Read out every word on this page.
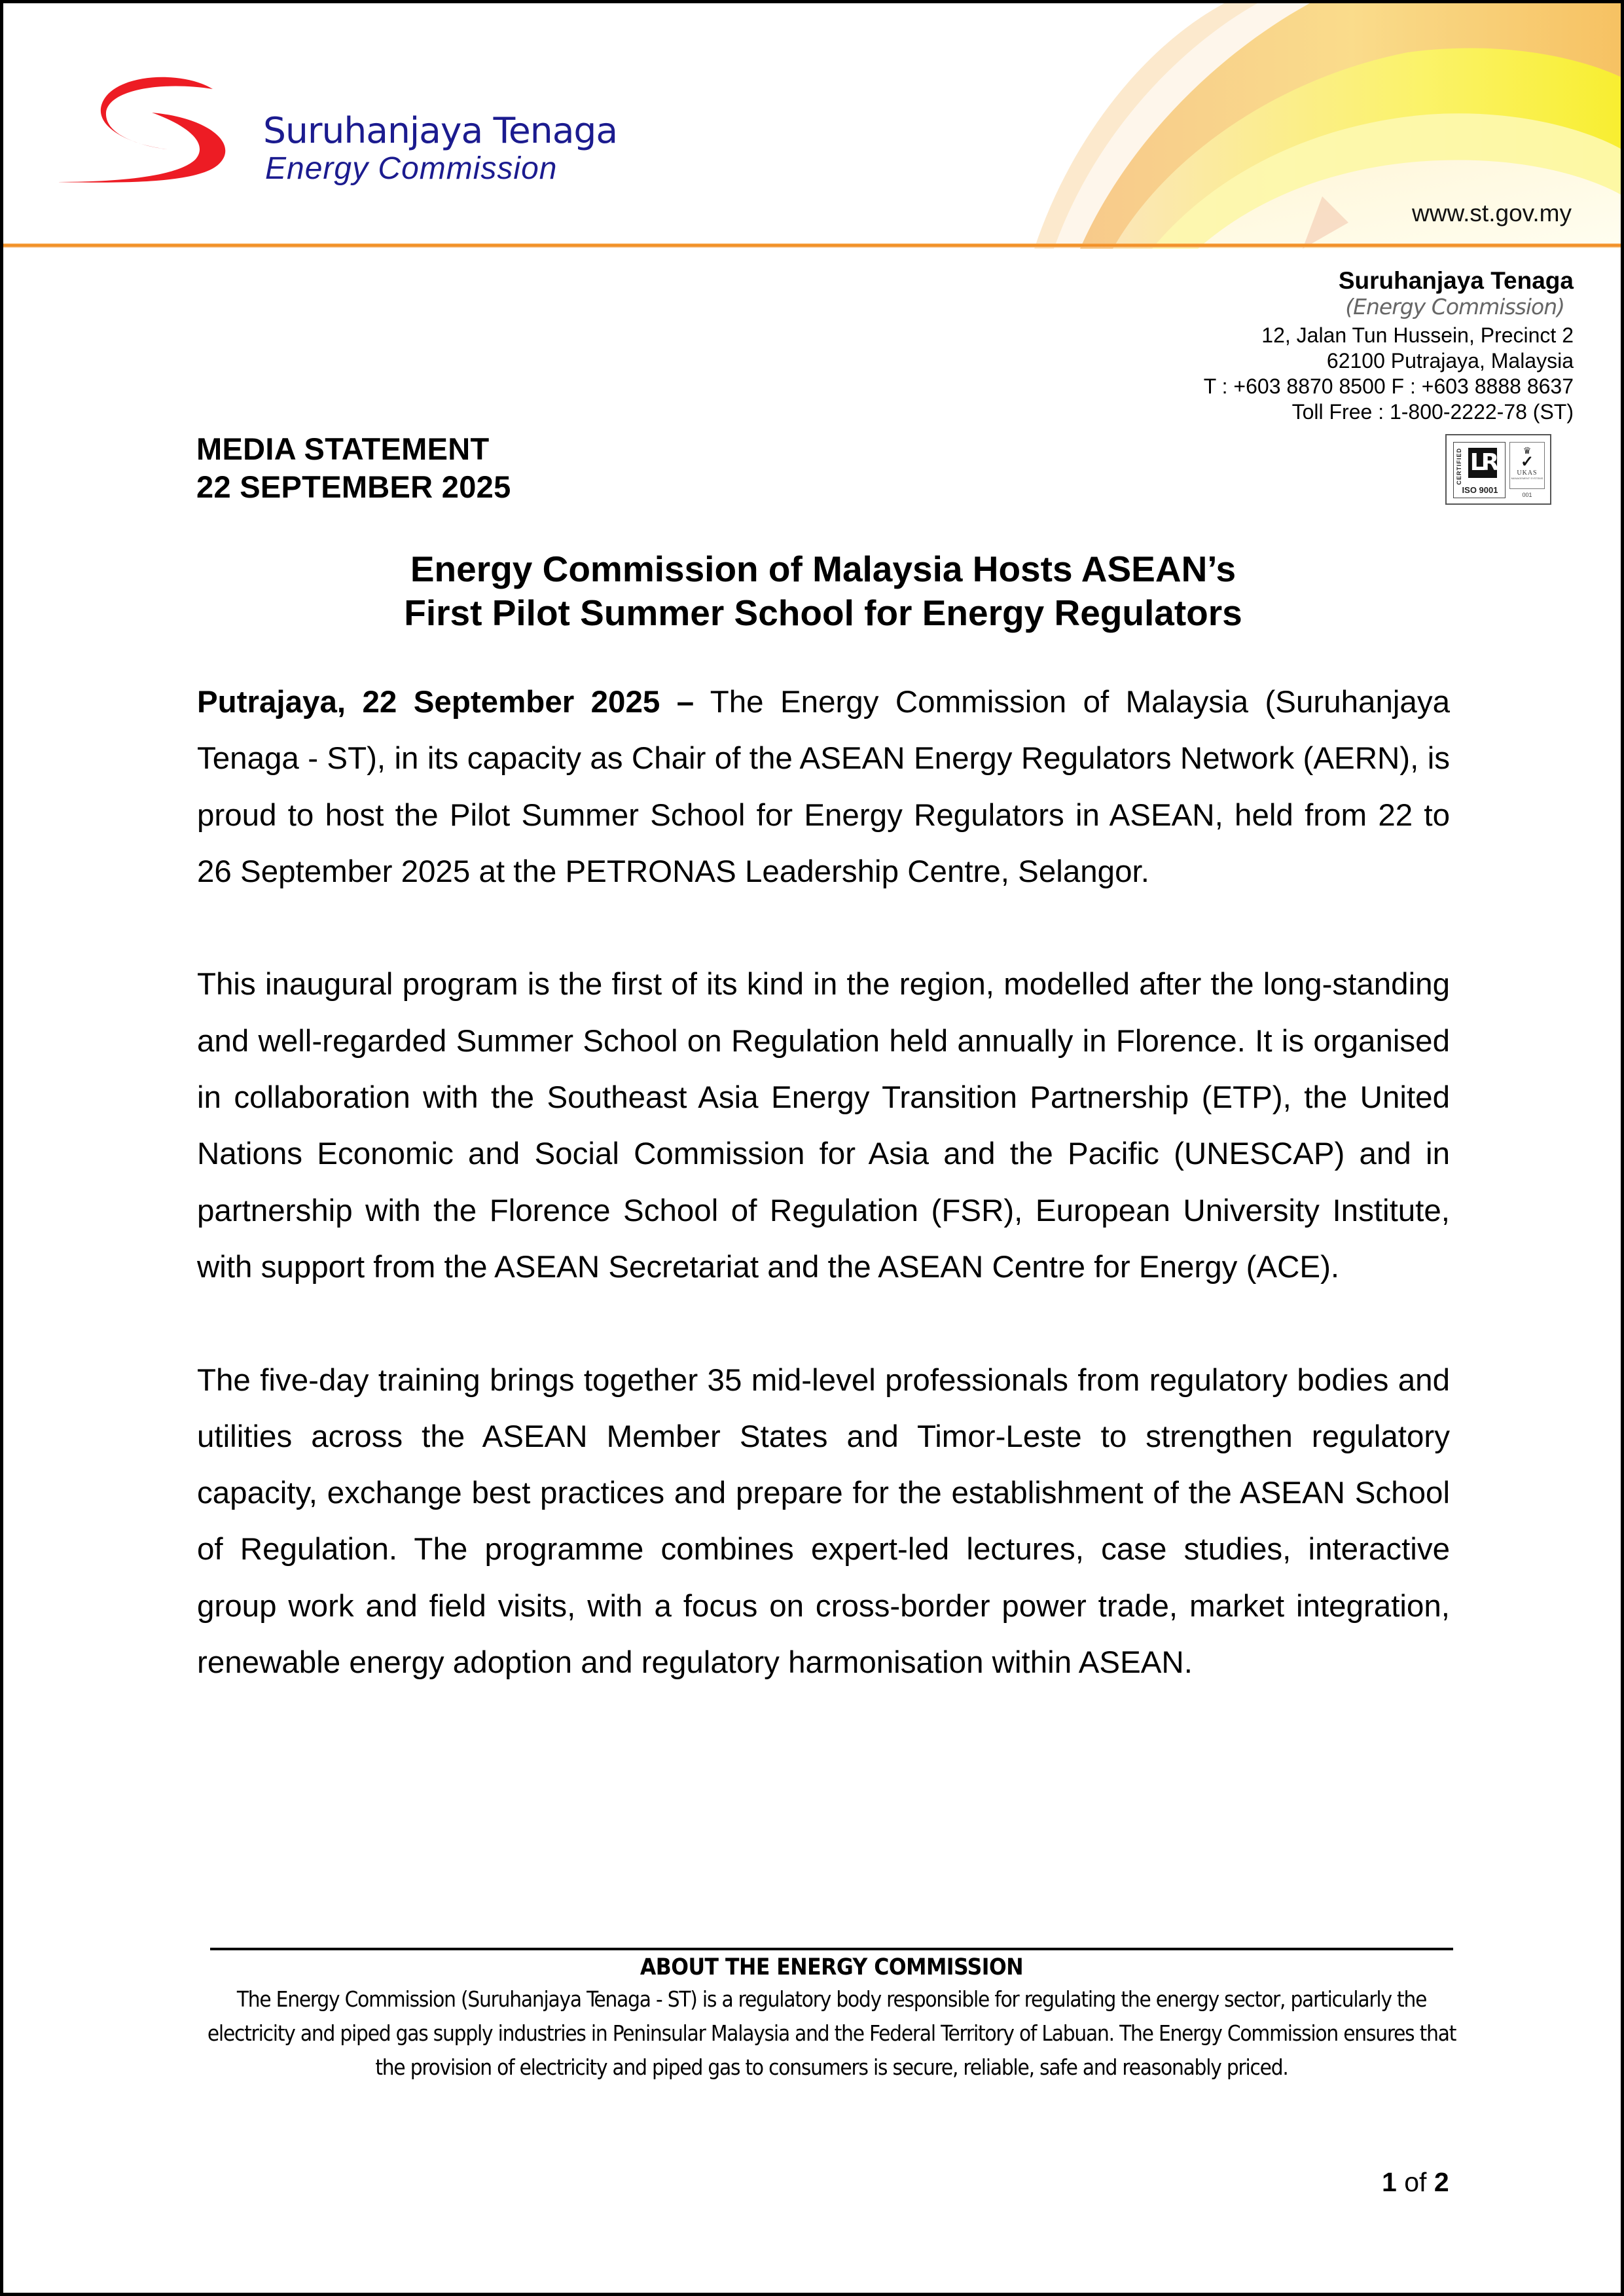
Suruhanjaya Tenaga
Energy Commission
www.st.gov.my
Suruhanjaya Tenaga
(Energy Commission)
12, Jalan Tun Hussein, Precinct 2
62100 Putrajaya, Malaysia
T : +603 8870 8500 F : +603 8888 8637
Toll Free : 1-800-2222-78 (ST)
CERTIFIED LR
ISO 9001
♛
✓
UKAS
MANAGEMENT SYSTEMS
001
MEDIA STATEMENT
22 SEPTEMBER 2025
Energy Commission of Malaysia Hosts ASEAN’s
First Pilot Summer School for Energy Regulators

Putrajaya, 22 September 2025 – The Energy Commission of Malaysia (Suruhanjaya Tenaga - ST), in its capacity as Chair of the ASEAN Energy Regulators Network (AERN), is proud to host the Pilot Summer School for Energy Regulators in ASEAN, held from 22 to 26 September 2025 at the PETRONAS Leadership Centre, Selangor.

This inaugural program is the first of its kind in the region, modelled after the long-standing and well-regarded Summer School on Regulation held annually in Florence. It is organised in collaboration with the Southeast Asia Energy Transition Partnership (ETP), the United Nations Economic and Social Commission for Asia and the Pacific (UNESCAP) and in partnership with the Florence School of Regulation (FSR), European University Institute, with support from the ASEAN Secretariat and the ASEAN Centre for Energy (ACE).

The five-day training brings together 35 mid-level professionals from regulatory bodies and utilities across the ASEAN Member States and Timor-Leste to strengthen regulatory capacity, exchange best practices and prepare for the establishment of the ASEAN School of Regulation. The programme combines expert-led lectures, case studies, interactive group work and field visits, with a focus on cross-border power trade, market integration, renewable energy adoption and regulatory harmonisation within ASEAN.

ABOUT THE ENERGY COMMISSION
The Energy Commission (Suruhanjaya Tenaga - ST) is a regulatory body responsible for regulating the energy sector, particularly the electricity and piped gas supply industries in Peninsular Malaysia and the Federal Territory of Labuan. The Energy Commission ensures that the provision of electricity and piped gas to consumers is secure, reliable, safe and reasonably priced.
1 of 2
